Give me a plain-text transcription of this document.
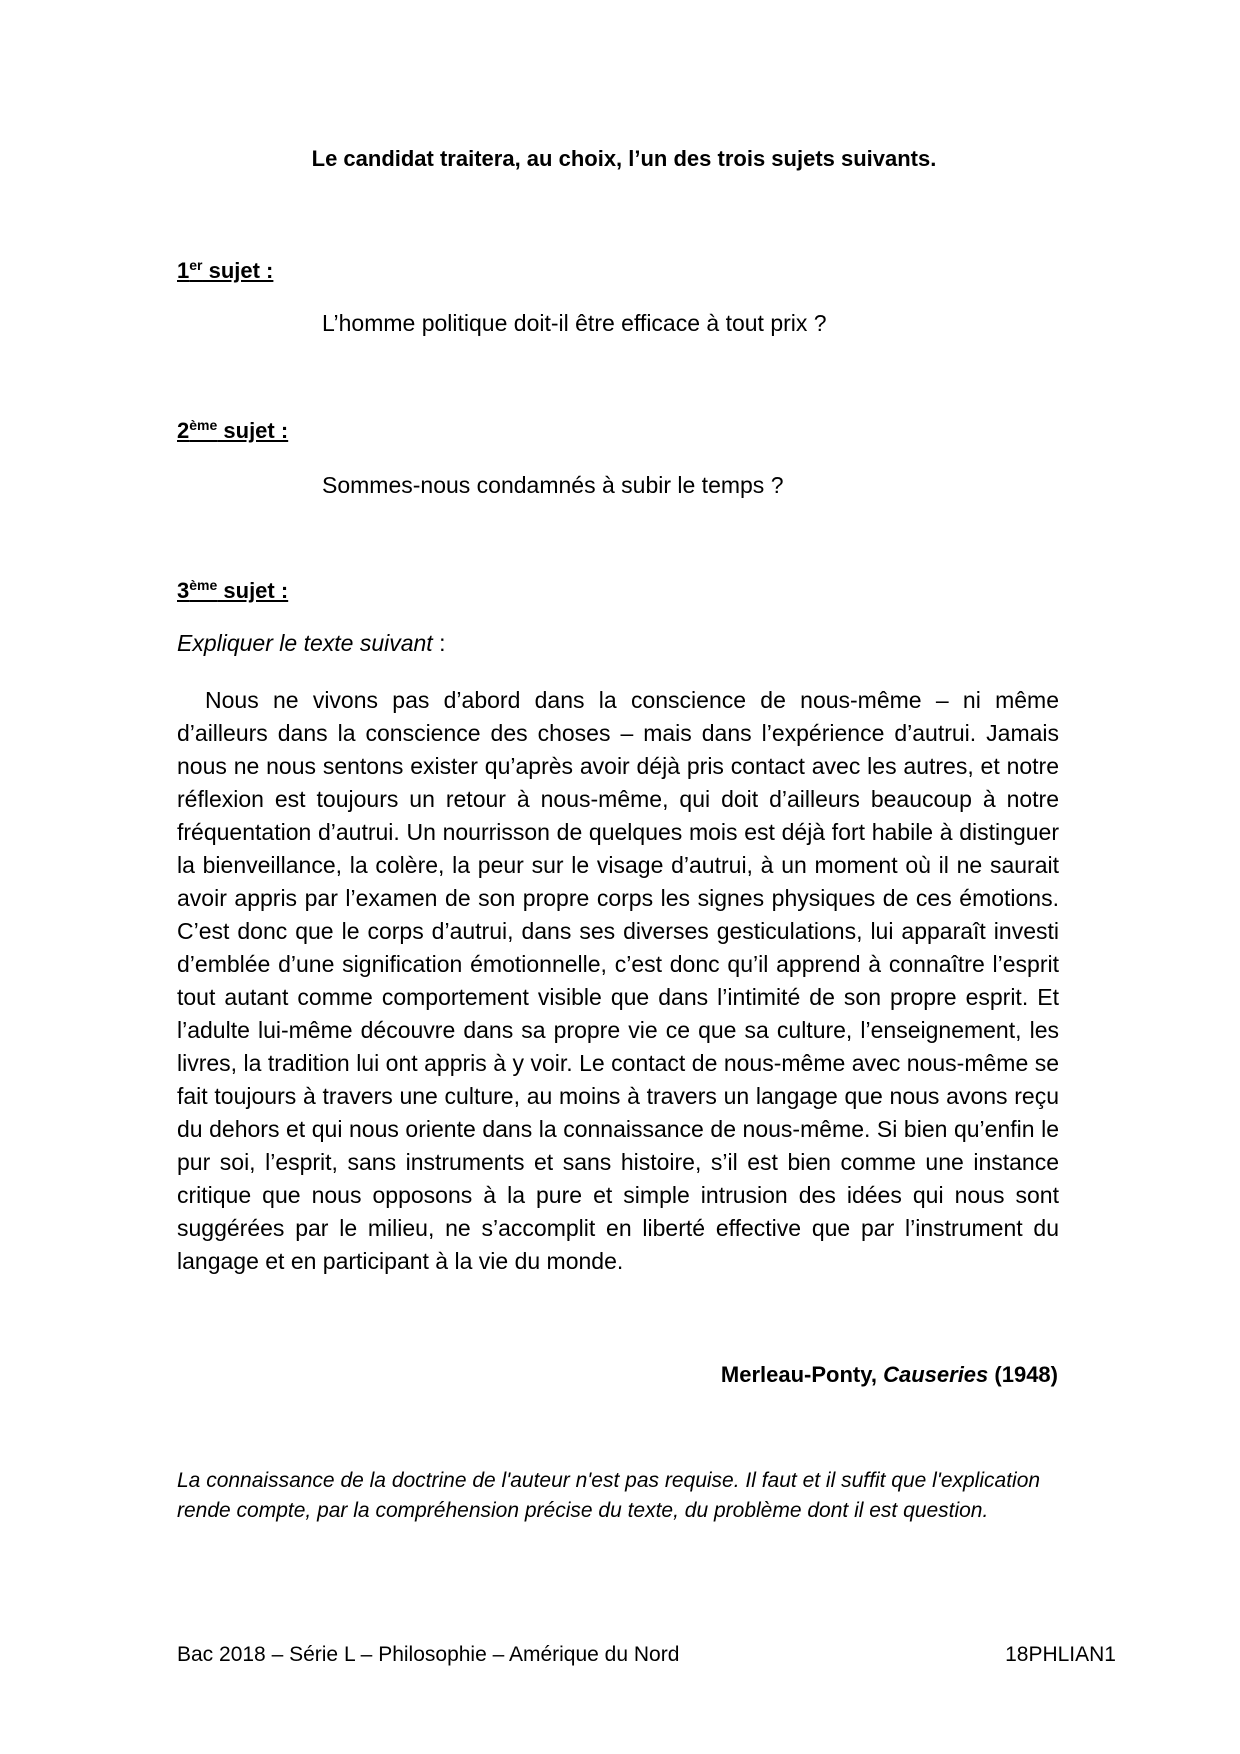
Le candidat traitera, au choix, l’un des trois sujets suivants.
1er sujet :
L’homme politique doit-il être efficace à tout prix ?
2ème sujet :
Sommes-nous condamnés à subir le temps ?
3ème sujet :
Expliquer le texte suivant :
Nous ne vivons pas d’abord dans la conscience de nous-même – ni même d’ailleurs dans la conscience des choses – mais dans l’expérience d’autrui. Jamais nous ne nous sentons exister qu’après avoir déjà pris contact avec les autres, et notre réflexion est toujours un retour à nous-même, qui doit d’ailleurs beaucoup à notre fréquentation d’autrui. Un nourrisson de quelques mois est déjà fort habile à distinguer la bienveillance, la colère, la peur sur le visage d’autrui, à un moment où il ne saurait avoir appris par l’examen de son propre corps les signes physiques de ces émotions. C’est donc que le corps d’autrui, dans ses diverses gesticulations, lui apparaît investi d’emblée d’une signification émotionnelle, c’est donc qu’il apprend à connaître l’esprit tout autant comme comportement visible que dans l’intimité de son propre esprit. Et l’adulte lui-même découvre dans sa propre vie ce que sa culture, l’enseignement, les livres, la tradition lui ont appris à y voir. Le contact de nous-même avec nous-même se fait toujours à travers une culture, au moins à travers un langage que nous avons reçu du dehors et qui nous oriente dans la connaissance de nous-même. Si bien qu’enfin le pur soi, l’esprit, sans instruments et sans histoire, s’il est bien comme une instance critique que nous opposons à la pure et simple intrusion des idées qui nous sont suggérées par le milieu, ne s’accomplit en liberté effective que par l’instrument du langage et en participant à la vie du monde.
Merleau-Ponty, Causeries (1948)
La connaissance de la doctrine de l'auteur n'est pas requise. Il faut et il suffit que l'explication rende compte, par la compréhension précise du texte, du problème dont il est question.
Bac 2018 – Série L – Philosophie – Amérique du Nord	18PHLIAN1
